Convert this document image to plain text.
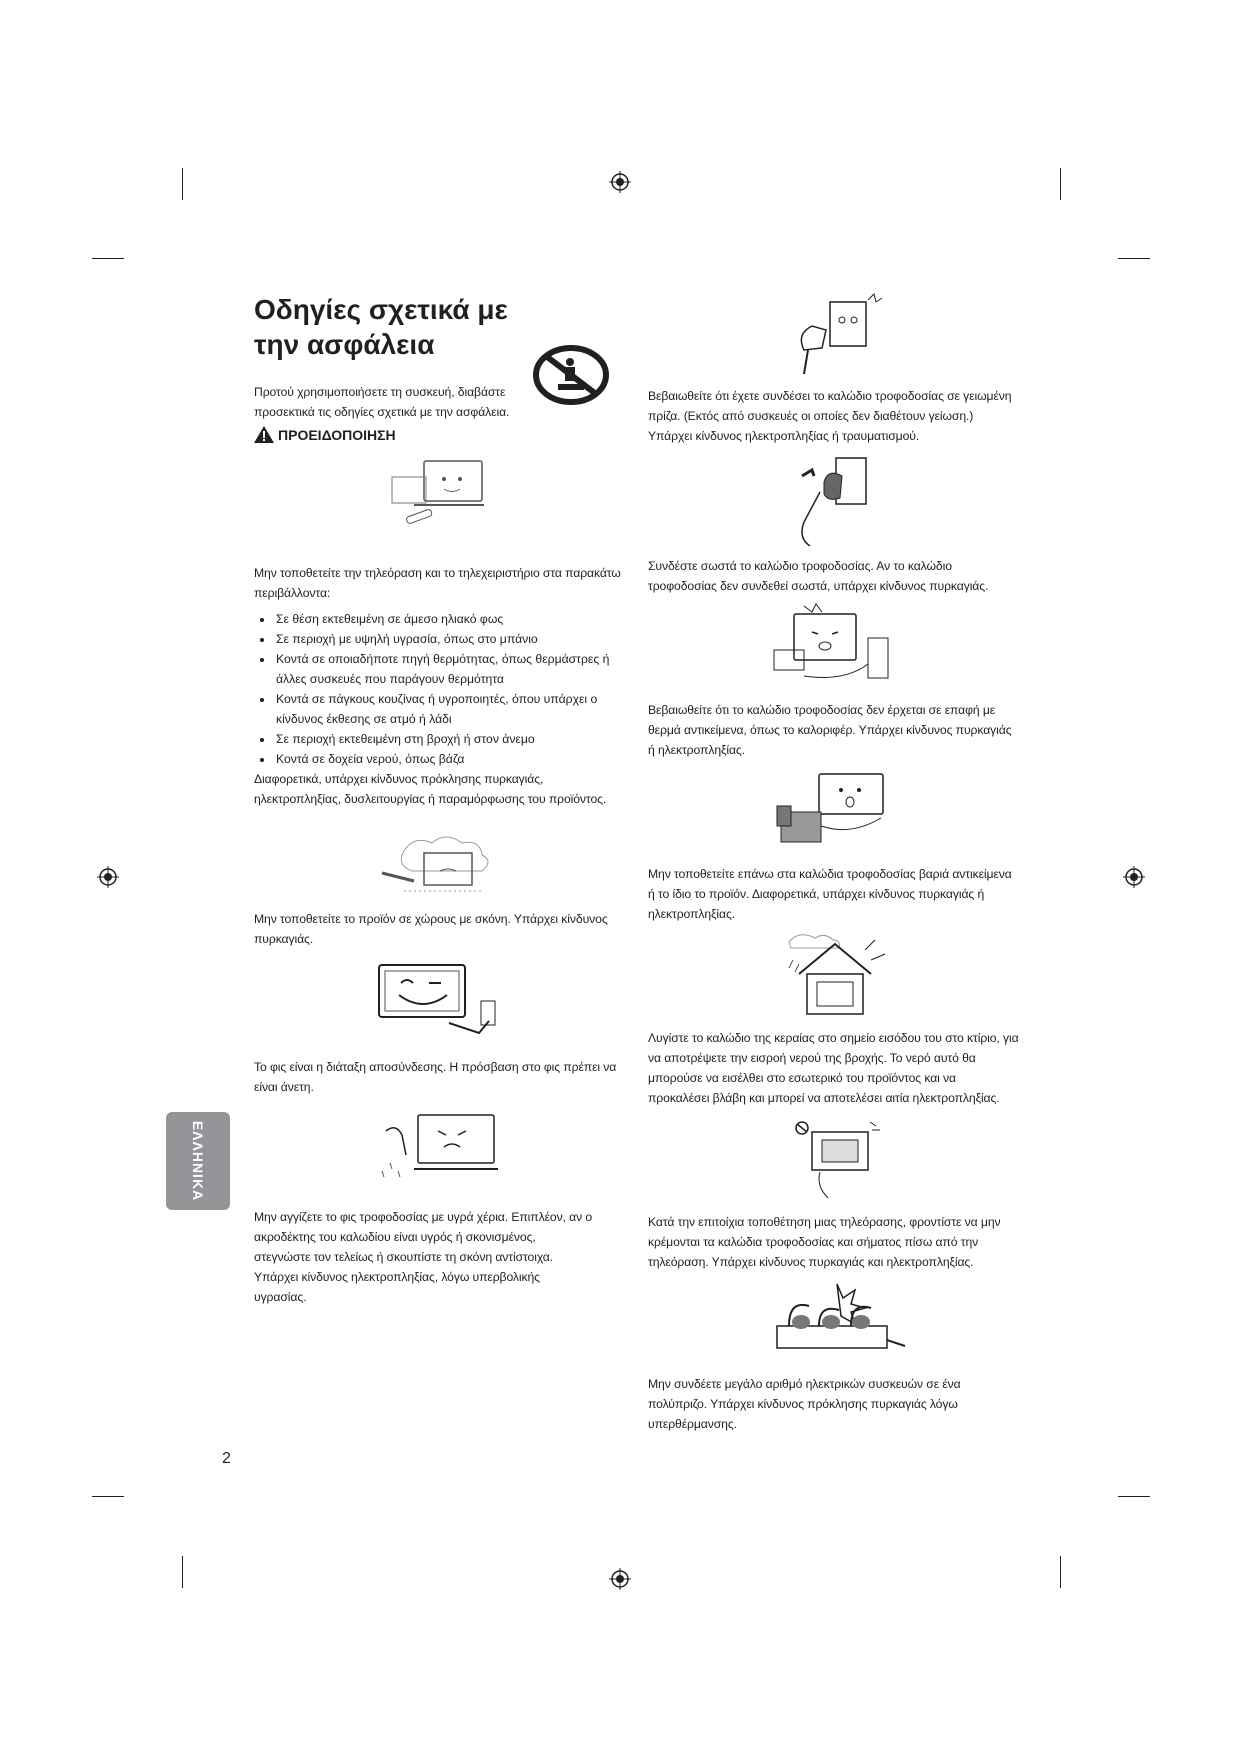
Οδηγίες σχετικά με την ασφάλεια

Προτού χρησιμοποιήσετε τη συσκευή, διαβάστε προσεκτικά τις οδηγίες σχετικά με την ασφάλεια.

ΠΡΟΕΙΔΟΠΟΙΗΣΗ

Μην τοποθετείτε την τηλεόραση και το τηλεχειριστήριο στα παρακάτω περιβάλλοντα:

• Σε θέση εκτεθειμένη σε άμεσο ηλιακό φως
• Σε περιοχή με υψηλή υγρασία, όπως στο μπάνιο
• Κοντά σε οποιαδήποτε πηγή θερμότητας, όπως θερμάστρες ή άλλες συσκευές που παράγουν θερμότητα
• Κοντά σε πάγκους κουζίνας ή υγροποιητές, όπου υπάρχει ο κίνδυνος έκθεσης σε ατμό ή λάδι
• Σε περιοχή εκτεθειμένη στη βροχή ή στον άνεμο
• Κοντά σε δοχεία νερού, όπως βάζα

Διαφορετικά, υπάρχει κίνδυνος πρόκλησης πυρκαγιάς, ηλεκτροπληξίας, δυσλειτουργίας ή παραμόρφωσης του προϊόντος.

Μην τοποθετείτε το προϊόν σε χώρους με σκόνη. Υπάρχει κίνδυνος πυρκαγιάς.

Το φις είναι η διάταξη αποσύνδεσης. Η πρόσβαση στο φις πρέπει να είναι άνετη.

Μην αγγίζετε το φις τροφοδοσίας με υγρά χέρια. Επιπλέον, αν ο ακροδέκτης του καλωδίου είναι υγρός ή σκονισμένος, στεγνώστε τον τελείως ή σκουπίστε τη σκόνη αντίστοιχα. Υπάρχει κίνδυνος ηλεκτροπληξίας, λόγω υπερβολικής υγρασίας.

Βεβαιωθείτε ότι έχετε συνδέσει το καλώδιο τροφοδοσίας σε γειωμένη πρίζα. (Εκτός από συσκευές οι οποίες δεν διαθέτουν γείωση.) Υπάρχει κίνδυνος ηλεκτροπληξίας ή τραυματισμού.

Συνδέστε σωστά το καλώδιο τροφοδοσίας. Αν το καλώδιο τροφοδοσίας δεν συνδεθεί σωστά, υπάρχει κίνδυνος πυρκαγιάς.

Βεβαιωθείτε ότι το καλώδιο τροφοδοσίας δεν έρχεται σε επαφή με θερμά αντικείμενα, όπως το καλοριφέρ. Υπάρχει κίνδυνος πυρκαγιάς ή ηλεκτροπληξίας.

Μην τοποθετείτε επάνω στα καλώδια τροφοδοσίας βαριά αντικείμενα ή το ίδιο το προϊόν. Διαφορετικά, υπάρχει κίνδυνος πυρκαγιάς ή ηλεκτροπληξίας.

Λυγίστε το καλώδιο της κεραίας στο σημείο εισόδου του στο κτίριο, για να αποτρέψετε την εισροή νερού της βροχής. Το νερό αυτό θα μπορούσε να εισέλθει στο εσωτερικό του προϊόντος και να προκαλέσει βλάβη και μπορεί να αποτελέσει αιτία ηλεκτροπληξίας.

Κατά την επιτοίχια τοποθέτηση μιας τηλεόρασης, φροντίστε να μην κρέμονται τα καλώδια τροφοδοσίας και σήματος πίσω από την τηλεόραση. Υπάρχει κίνδυνος πυρκαγιάς και ηλεκτροπληξίας.

Μην συνδέετε μεγάλο αριθμό ηλεκτρικών συσκευών σε ένα πολύπριζο. Υπάρχει κίνδυνος πρόκλησης πυρκαγιάς λόγω υπερθέρμανσης.

ΕΛΛΗΝΙΚΑ
2
